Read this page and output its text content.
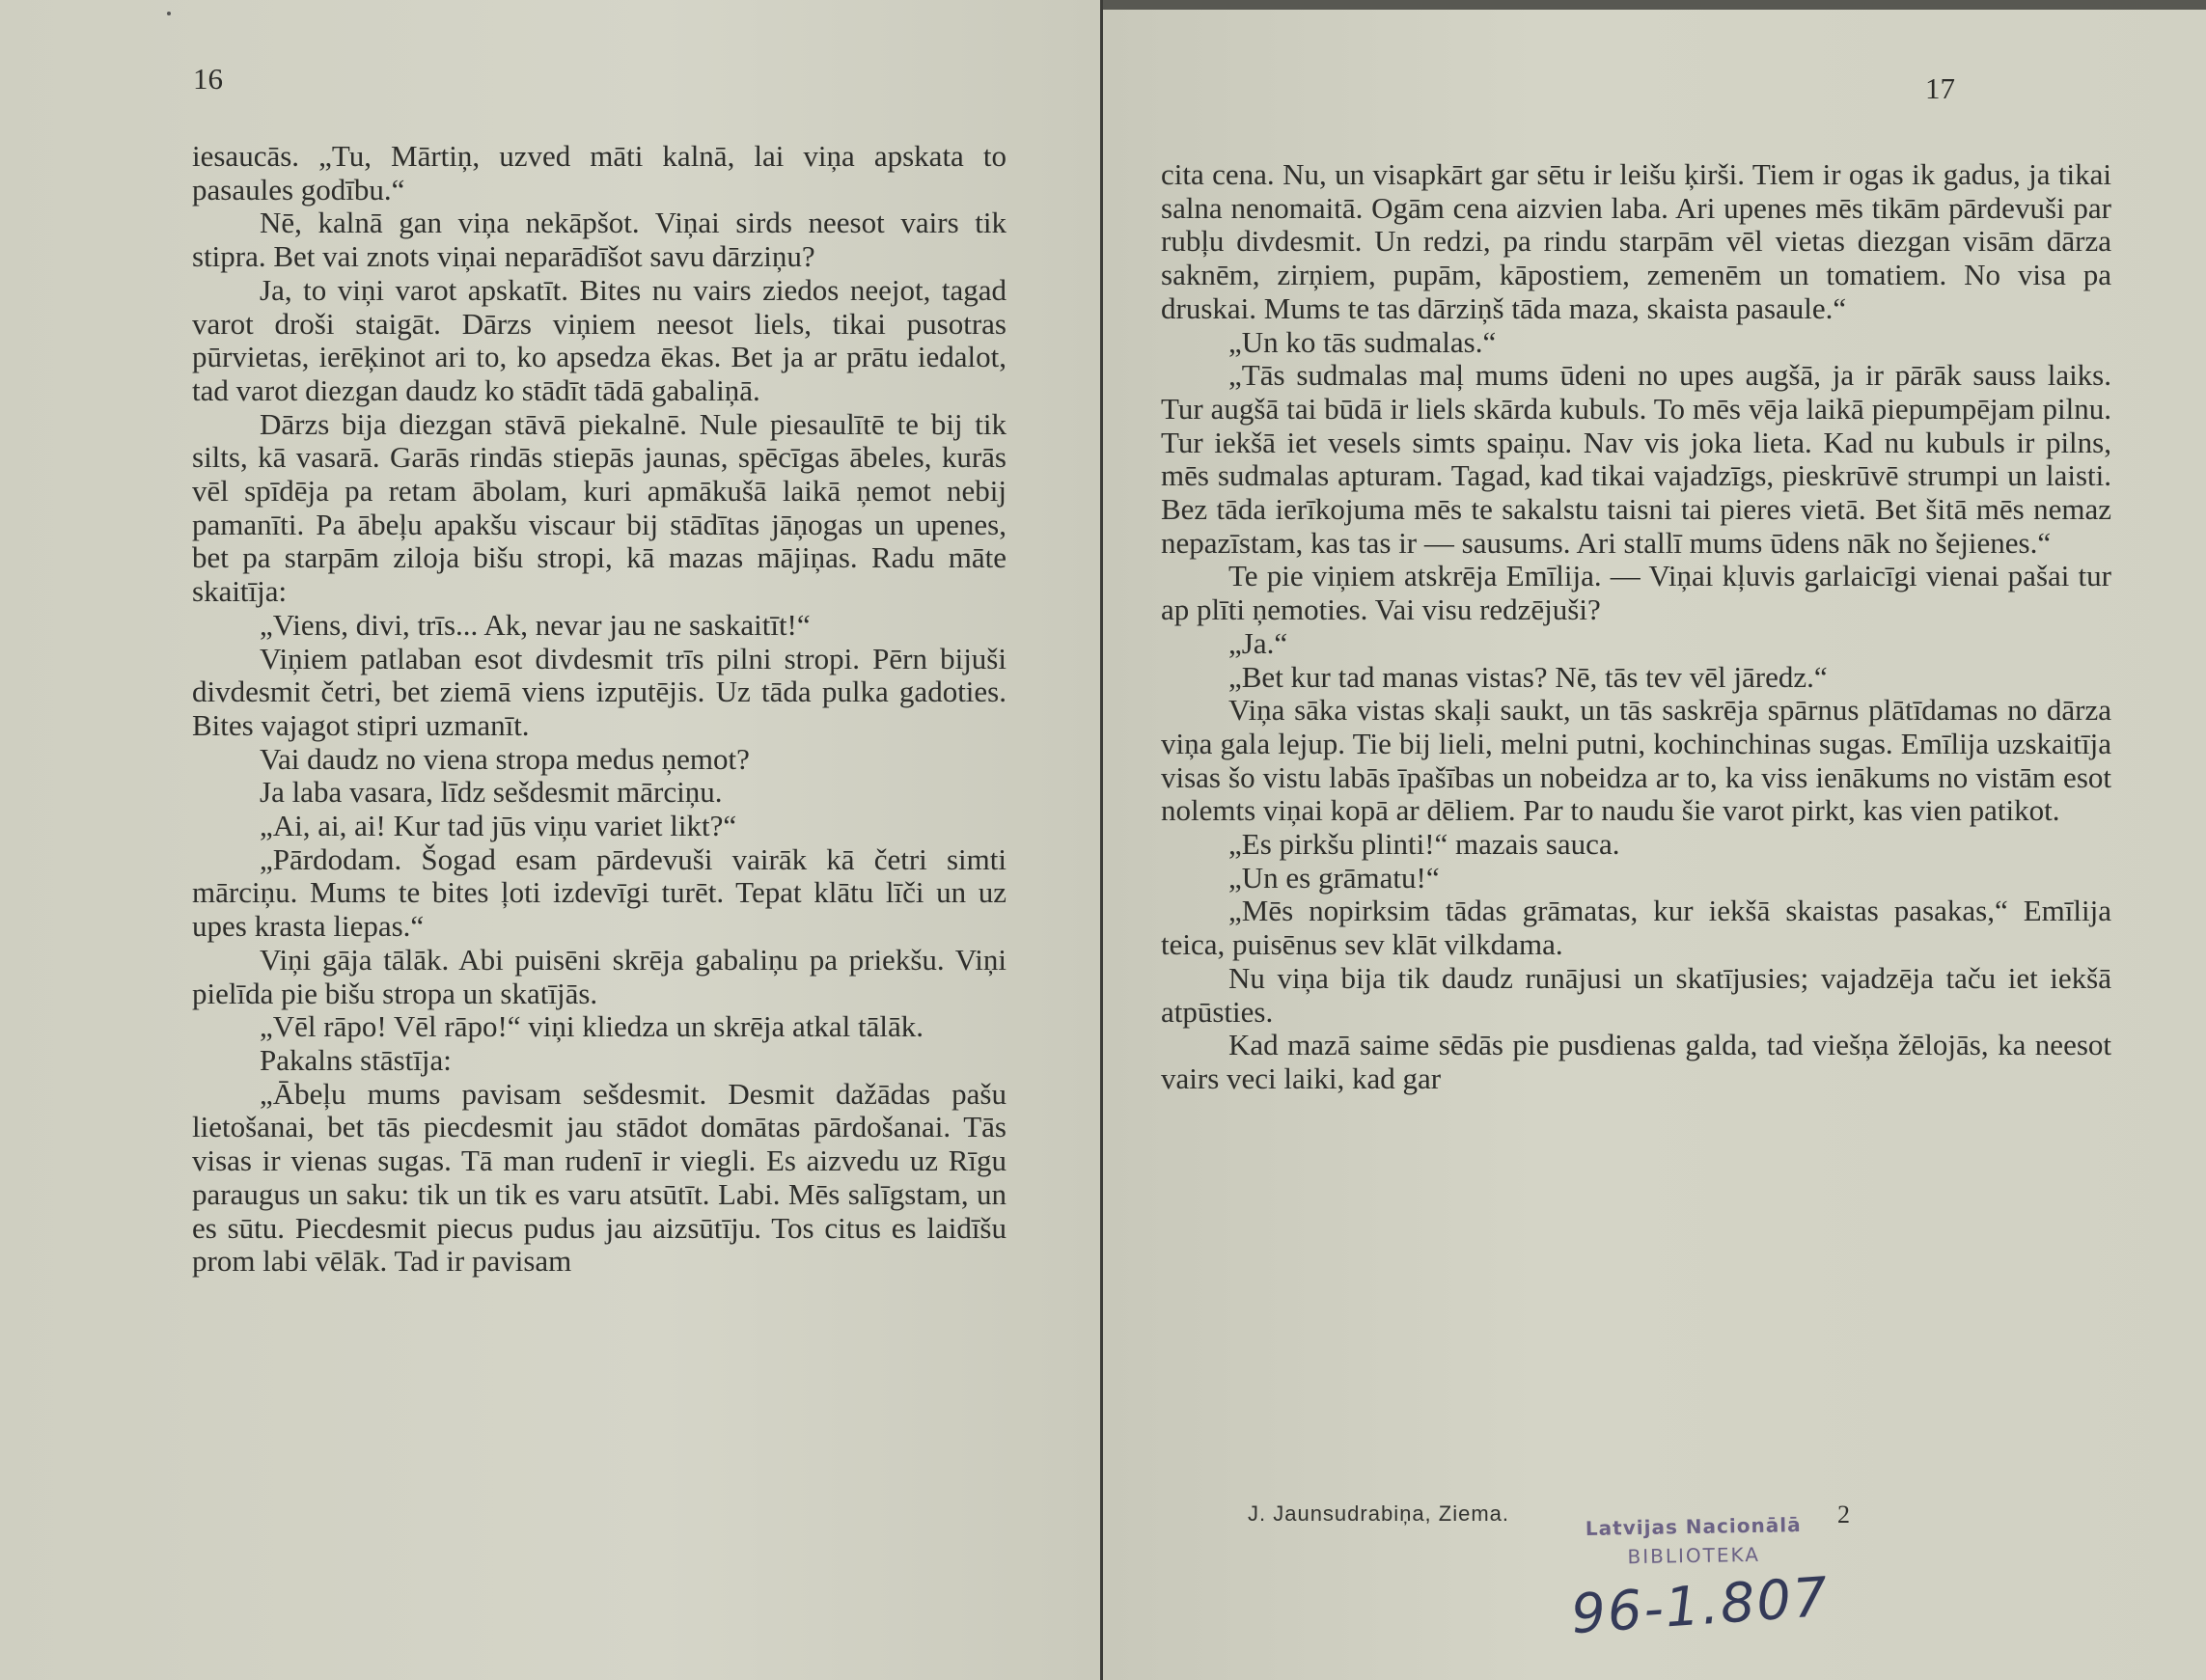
16

iesaucās. „Tu, Mārtiņ, uzved māti kalnā, lai viņa apskata to pasaules godību.“

Nē, kalnā gan viņa nekāpšot. Viņai sirds neesot vairs tik stipra. Bet vai znots viņai neparādīšot savu dārziņu?

Ja, to viņi varot apskatīt. Bites nu vairs ziedos neejot, tagad varot droši staigāt. Dārzs viņiem neesot liels, tikai pusotras pūrvietas, ierēķinot ari to, ko apsedza ēkas. Bet ja ar prātu iedalot, tad varot diezgan daudz ko stādīt tādā gabaliņā.

Dārzs bija diezgan stāvā piekalnē. Nule piesaulītē te bij tik silts, kā vasarā. Garās rindās stiepās jaunas, spēcīgas ābeles, kurās vēl spīdēja pa retam ābolam, kuri apmākušā laikā ņemot nebij pamanīti. Pa ābeļu apakšu viscaur bij stādītas jāņogas un upenes, bet pa starpām ziloja bišu stropi, kā mazas mājiņas. Radu māte skaitīja:

„Viens, divi, trīs... Ak, nevar jau ne saskaitīt!“

Viņiem patlaban esot divdesmit trīs pilni stropi. Pērn bijuši divdesmit četri, bet ziemā viens izputējis. Uz tāda pulka gadoties. Bites vajagot stipri uzmanīt.

Vai daudz no viena stropa medus ņemot?

Ja laba vasara, līdz sešdesmit mārciņu.

„Ai, ai, ai! Kur tad jūs viņu variet likt?“

„Pārdodam. Šogad esam pārdevuši vairāk kā četri simti mārciņu. Mums te bites ļoti izdevīgi turēt. Tepat klātu līči un uz upes krasta liepas.“

Viņi gāja tālāk. Abi puisēni skrēja gabaliņu pa priekšu. Viņi pielīda pie bišu stropa un skatījās.

„Vēl rāpo! Vēl rāpo!“ viņi kliedza un skrēja atkal tālāk.

Pakalns stāstīja:

„Ābeļu mums pavisam sešdesmit. Desmit dažādas pašu lietošanai, bet tās piecdesmit jau stādot domātas pārdošanai. Tās visas ir vienas sugas. Tā man rudenī ir viegli. Es aizvedu uz Rīgu paraugus un saku: tik un tik es varu atsūtīt. Labi. Mēs salīgstam, un es sūtu. Piecdesmit piecus pudus jau aizsūtīju. Tos citus es laidīšu prom labi vēlāk. Tad ir pavisam

17

cita cena. Nu, un visapkārt gar sētu ir leišu ķirši. Tiem ir ogas ik gadus, ja tikai salna nenomaitā. Ogām cena aizvien laba. Ari upenes mēs tikām pārdevuši par rubļu divdesmit. Un redzi, pa rindu starpām vēl vietas diezgan visām dārza saknēm, zirņiem, pupām, kāpostiem, zemenēm un tomatiem. No visa pa druskai. Mums te tas dārziņš tāda maza, skaista pasaule.“

„Un ko tās sudmalas.“

„Tās sudmalas maļ mums ūdeni no upes augšā, ja ir pārāk sauss laiks. Tur augšā tai būdā ir liels skārda kubuls. To mēs vēja laikā piepumpējam pilnu. Tur iekšā iet vesels simts spaiņu. Nav vis joka lieta. Kad nu kubuls ir pilns, mēs sudmalas apturam. Tagad, kad tikai vajadzīgs, pieskrūvē strumpi un laisti. Bez tāda ierīkojuma mēs te sakalstu taisni tai pieres vietā. Bet šitā mēs nemaz nepazīstam, kas tas ir — sausums. Ari stallī mums ūdens nāk no šejienes.“

Te pie viņiem atskrēja Emīlija. — Viņai kļuvis garlaicīgi vienai pašai tur ap plīti ņemoties. Vai visu redzējuši?

„Ja.“

„Bet kur tad manas vistas? Nē, tās tev vēl jāredz.“

Viņa sāka vistas skaļi saukt, un tās saskrēja spārnus plātīdamas no dārza viņa gala lejup. Tie bij lieli, melni putni, kochinchinas sugas. Emīlija uzskaitīja visas šo vistu labās īpašības un nobeidza ar to, ka viss ienākums no vistām esot nolemts viņai kopā ar dēliem. Par to naudu šie varot pirkt, kas vien patikot.

„Es pirkšu plinti!“ mazais sauca.

„Un es grāmatu!“

„Mēs nopirksim tādas grāmatas, kur iekšā skaistas pasakas,“ Emīlija teica, puisēnus sev klāt vilkdama.

Nu viņa bija tik daudz runājusi un skatījusies; vajadzēja taču iet iekšā atpūsties.

Kad mazā saime sēdās pie pusdienas galda, tad viešņa žēlojās, ka neesot vairs veci laiki, kad gar

J. Jaunsudrabiņa, Ziema.	2
Latvijas Nacionālā
BIBLIOTEKA
96-1.807
